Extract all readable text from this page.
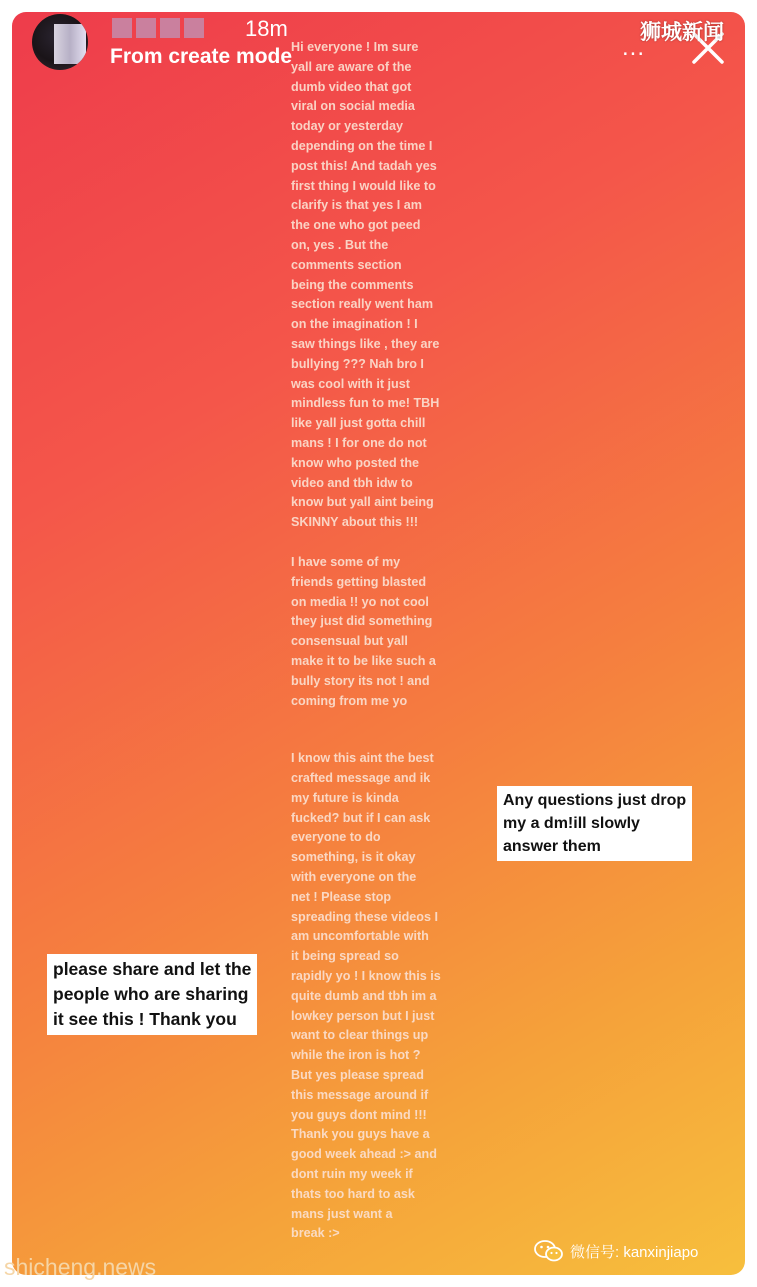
18m
From create mode	...

Hi everyone ! Im sure

yall are aware of the

dumb video that got

viral on social media

today or yesterday

depending on the time I

post this! And tadah yes

first thing I would like to

clarify is that yes I am

the one who got peed

on, yes . But the

comments section

being the comments

section really went ham

on the imagination ! I

saw things like , they are

bullying ??? Nah bro I

was cool with it just

mindless fun to me! TBH

like yall just gotta chill

mans ! I for one do not

know who posted the

video and tbh idw to

know but yall aint being

SKINNY about this !!!

I have some of my

friends getting blasted

on media !! yo not cool

they just did something

consensual but yall

make it to be like such a

bully story its not ! and

coming from me yo

I know this aint the best

crafted message and ik

my future is kinda

fucked? but if I can ask

everyone to do

something, is it okay

with everyone on the

net ! Please stop

spreading these videos I

am uncomfortable with

it being spread so

rapidly yo ! I know this is

quite dumb and tbh im a

lowkey person but I just

want to clear things up

while the iron is hot ?

But yes please spread

this message around if

you guys dont mind !!!

Thank you guys have a

good week ahead :> and

dont ruin my week if

thats too hard to ask

mans just want a

break :>

Any questions just drop
my a dm!ill slowly
answer them
please share and let the
people who are sharing
it see this ! Thank you
狮城新闻
shicheng.news
微信号: kanxinjiapo
